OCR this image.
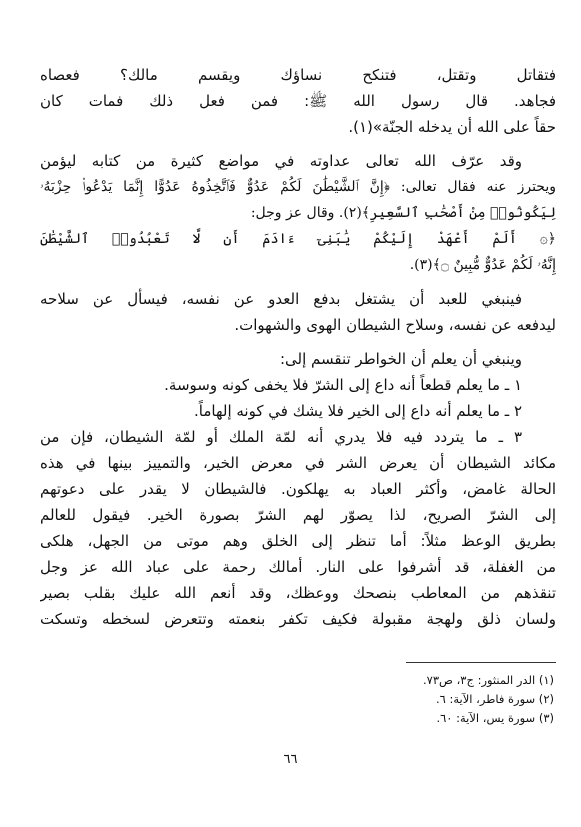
فتقاتل وتقتل، فتنكح نساؤك ويقسم مالك؟ فعصاه
فجاهد. قال رسول الله ﷺ: فمن فعل ذلك فمات كان
حقاً على الله أن يدخله الجنّة»(١).
وقد عرّف الله تعالى عداوته في مواضع كثيرة من كتابه ليؤمن
ويحترز عنه فقال تعالى: ﴿إِنَّ ٱلشَّيْطَٰنَ لَكُمْ عَدُوٌّ فَٱتَّخِذُوهُ عَدُوًّا إِنَّمَا يَدْعُوا۟ حِزْبَهُۥ
لِيَكُونُوا۟ مِنْ أَصْحَٰبِ ٱلسَّعِيرِ﴾(٢). وقال عز وجل:
﴿۞ أَلَمْ أَعْهَدْ إِلَيْكُمْ يَٰبَنِىٓ ءَادَمَ أَن لَّا تَعْبُدُوا۟ ٱلشَّيْطَٰنَ
إِنَّهُۥ لَكُمْ عَدُوٌّ مُّبِينٌ ۝﴾(٣).
فينبغي للعبد أن يشتغل بدفع العدو عن نفسه، فيسأل عن سلاحه
ليدفعه عن نفسه، وسلاح الشيطان الهوى والشهوات.
وينبغي أن يعلم أن الخواطر تنقسم إلى:
١ ـ ما يعلم قطعاً أنه داع إلى الشرّ فلا يخفى كونه وسوسة.
٢ ـ ما يعلم أنه داع إلى الخير فلا يشك في كونه إلهاماً.
٣ ـ ما يتردد فيه فلا يدري أنه لمّة الملك أو لمّة الشيطان، فإن من
مكائد الشيطان أن يعرض الشر في معرض الخير، والتمييز بينها في هذه
الحالة غامض، وأكثر العباد به يهلكون. فالشيطان لا يقدر على دعوتهم
إلى الشرّ الصريح، لذا يصوّر لهم الشرّ بصورة الخير. فيقول للعالم
بطريق الوعظ مثلاً: أما تنظر إلى الخلق وهم موتى من الجهل، هلكى
من الغفلة، قد أشرفوا على النار. أمالك رحمة على عباد الله عز وجل
تنقذهم من المعاطب بنصحك ووعظك، وقد أنعم الله عليك بقلب بصير
ولسان ذلق ولهجة مقبولة فكيف تكفر بنعمته وتتعرض لسخطه وتسكت
(١) الدر المنثور: ج٣، ص٧٣.
(٢) سورة فاطر، الآية: ٦.
(٣) سورة يس، الآية: ٦٠.
٦٦
